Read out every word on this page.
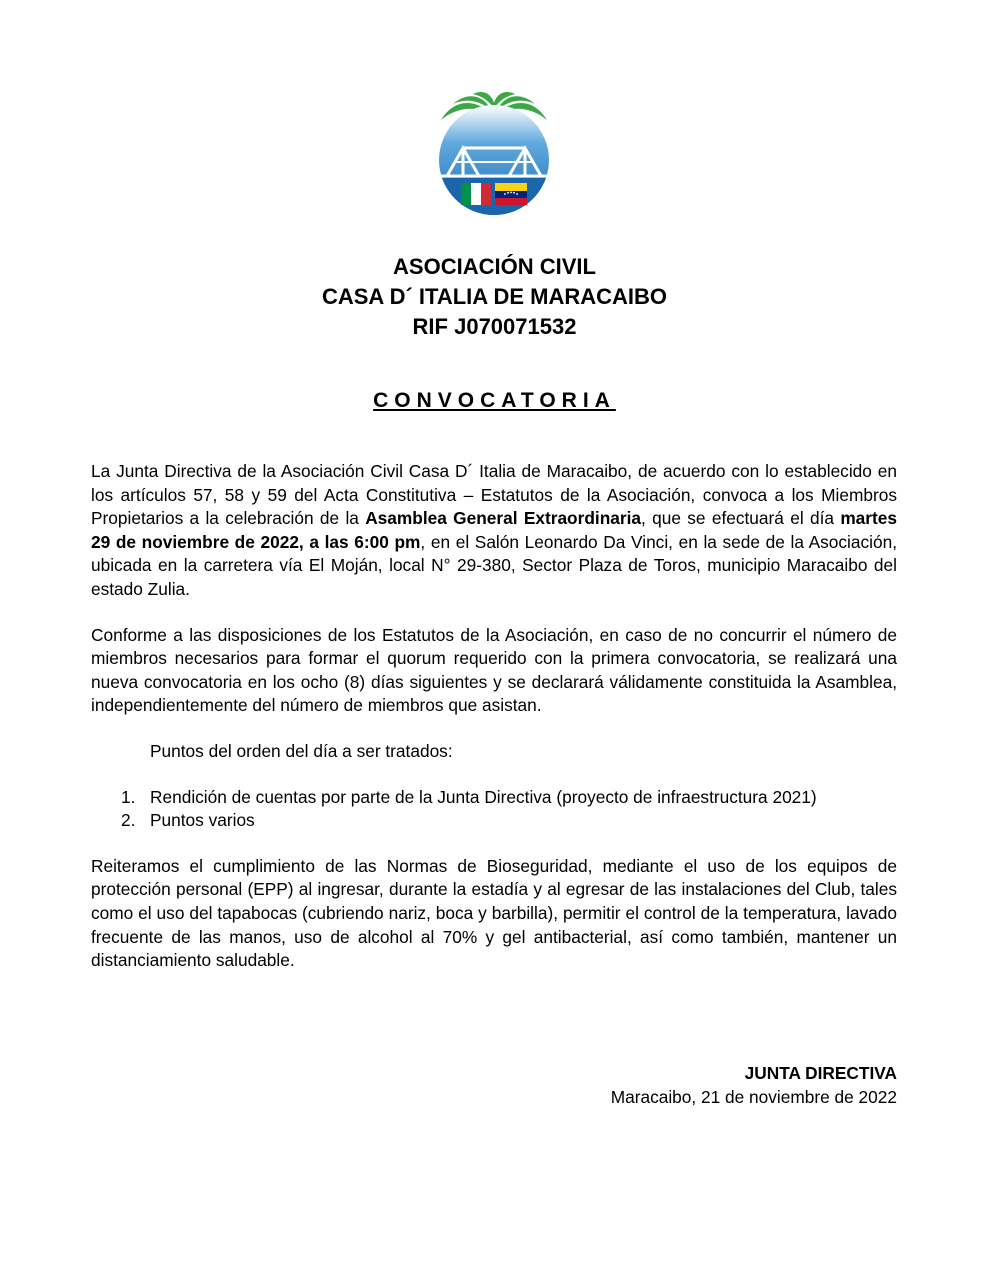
ASOCIACIÓN CIVIL
CASA D´ ITALIA DE MARACAIBO
RIF J070071532
CONVOCATORIA

La Junta Directiva de la Asociación Civil Casa D´ Italia de Maracaibo, de acuerdo con lo establecido en los artículos 57, 58 y 59 del Acta Constitutiva – Estatutos de la Asociación, convoca a los Miembros Propietarios a la celebración de la Asamblea General Extraordinaria, que se efectuará el día martes 29 de noviembre de 2022, a las 6:00 pm, en el Salón Leonardo Da Vinci, en la sede de la Asociación, ubicada en la carretera vía El Moján, local N° 29-380, Sector Plaza de Toros, municipio Maracaibo del estado Zulia.

Conforme a las disposiciones de los Estatutos de la Asociación, en caso de no concurrir el número de miembros necesarios para formar el quorum requerido con la primera convocatoria, se realizará una nueva convocatoria en los ocho (8) días siguientes y se declarará válidamente constituida la Asamblea, independientemente del número de miembros que asistan.

Puntos del orden del día a ser tratados:

1. Rendición de cuentas por parte de la Junta Directiva (proyecto de infraestructura 2021)
2. Puntos varios

Reiteramos el cumplimiento de las Normas de Bioseguridad, mediante el uso de los equipos de protección personal (EPP) al ingresar, durante la estadía y al egresar de las instalaciones del Club, tales como el uso del tapabocas (cubriendo nariz, boca y barbilla), permitir el control de la temperatura, lavado frecuente de las manos, uso de alcohol al 70% y gel antibacterial, así como también, mantener un distanciamiento saludable.

JUNTA DIRECTIVA
Maracaibo, 21 de noviembre de 2022
